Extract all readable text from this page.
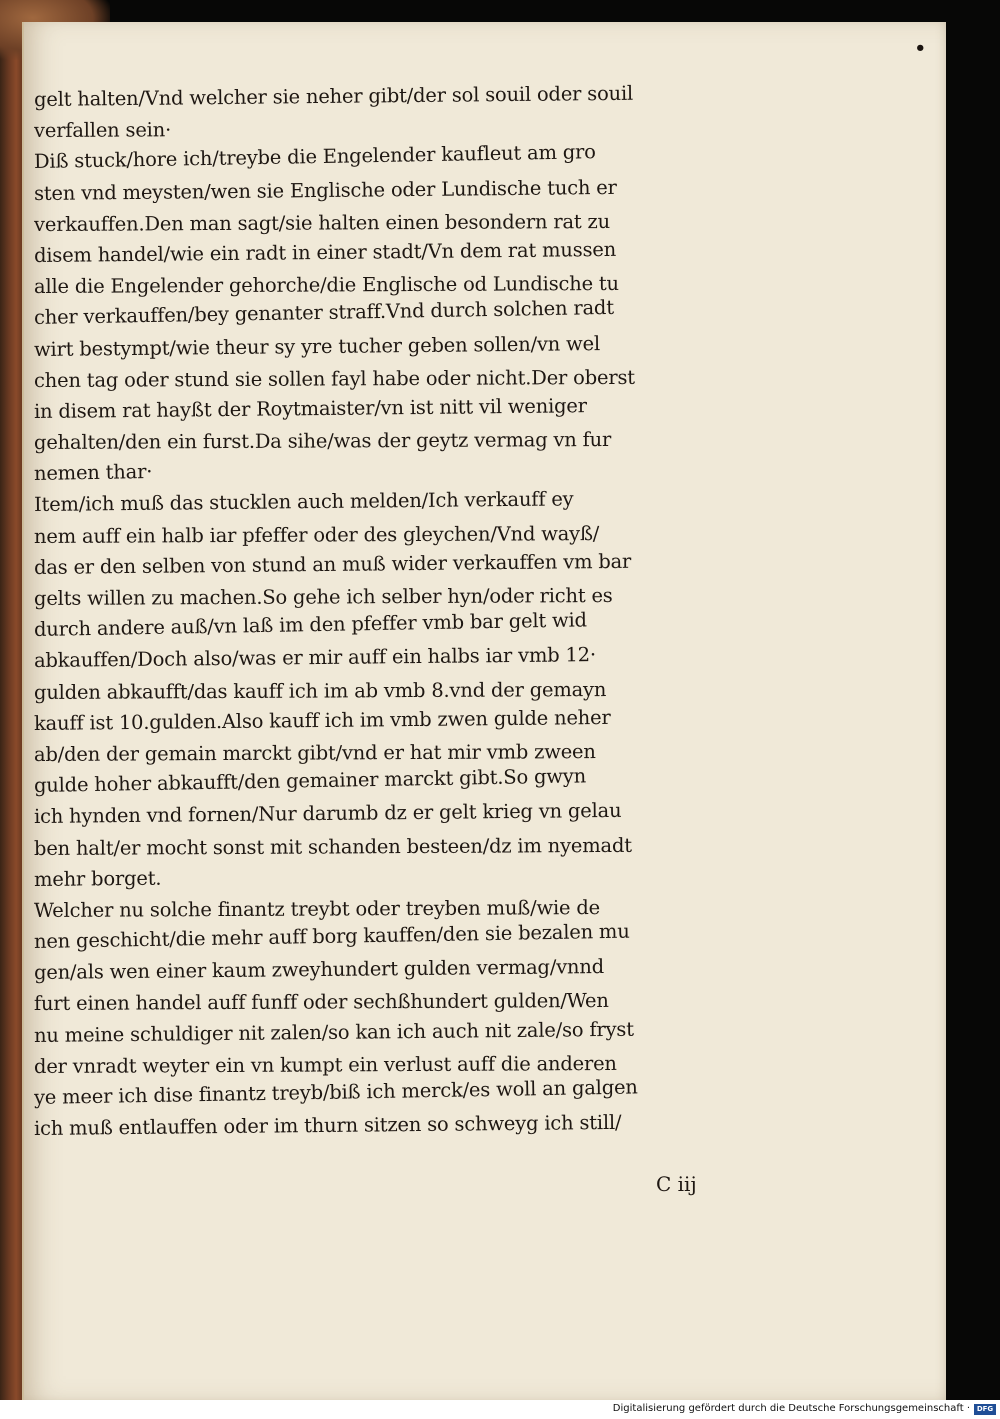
•
gelt halten/Vnd welcher sie neher gibt/der sol souil oder souil
verfallen sein·
Diß stuck/hore ich/treybe die Engelender kaufleut am gro
sten vnd meysten/wen sie Englische oder Lundische tuch er
verkauffen.Den man sagt/sie halten einen besondern rat zu
disem handel/wie ein radt in einer stadt/Vn dem rat mussen
alle die Engelender gehorche/die Englische od Lundische tu
cher verkauffen/bey genanter straff.Vnd durch solchen radt
wirt bestympt/wie theur sy yre tucher geben sollen/vn wel
chen tag oder stund sie sollen fayl habe oder nicht.Der oberst
in disem rat hayßt der Roytmaister/vn ist nitt vil weniger
gehalten/den ein furst.Da sihe/was der geytz vermag vn fur
nemen thar·
Item/ich muß das stucklen auch melden/Ich verkauff ey
nem auff ein halb iar pfeffer oder des gleychen/Vnd wayß/
das er den selben von stund an muß wider verkauffen vm bar
gelts willen zu machen.So gehe ich selber hyn/oder richt es
durch andere auß/vn laß im den pfeffer vmb bar gelt wid
abkauffen/Doch also/was er mir auff ein halbs iar vmb 12·
gulden abkaufft/das kauff ich im ab vmb 8.vnd der gemayn
kauff ist 10.gulden.Also kauff ich im vmb zwen gulde neher
ab/den der gemain marckt gibt/vnd er hat mir vmb zween
gulde hoher abkaufft/den gemainer marckt gibt.So gwyn
ich hynden vnd fornen/Nur darumb dz er gelt krieg vn gelau
ben halt/er mocht sonst mit schanden besteen/dz im nyemadt
mehr borget.
Welcher nu solche finantz treybt oder treyben muß/wie de
nen geschicht/die mehr auff borg kauffen/den sie bezalen mu
gen/als wen einer kaum zweyhundert gulden vermag/vnnd
furt einen handel auff funff oder sechßhundert gulden/Wen
nu meine schuldiger nit zalen/so kan ich auch nit zale/so fryst
der vnradt weyter ein vn kumpt ein verlust auff die anderen
ye meer ich dise finantz treyb/biß ich merck/es woll an galgen
ich muß entlauffen oder im thurn sitzen so schweyg ich still/
C iij
Digitalisierung gefördert durch die Deutsche Forschungsgemeinschaft · DFG
